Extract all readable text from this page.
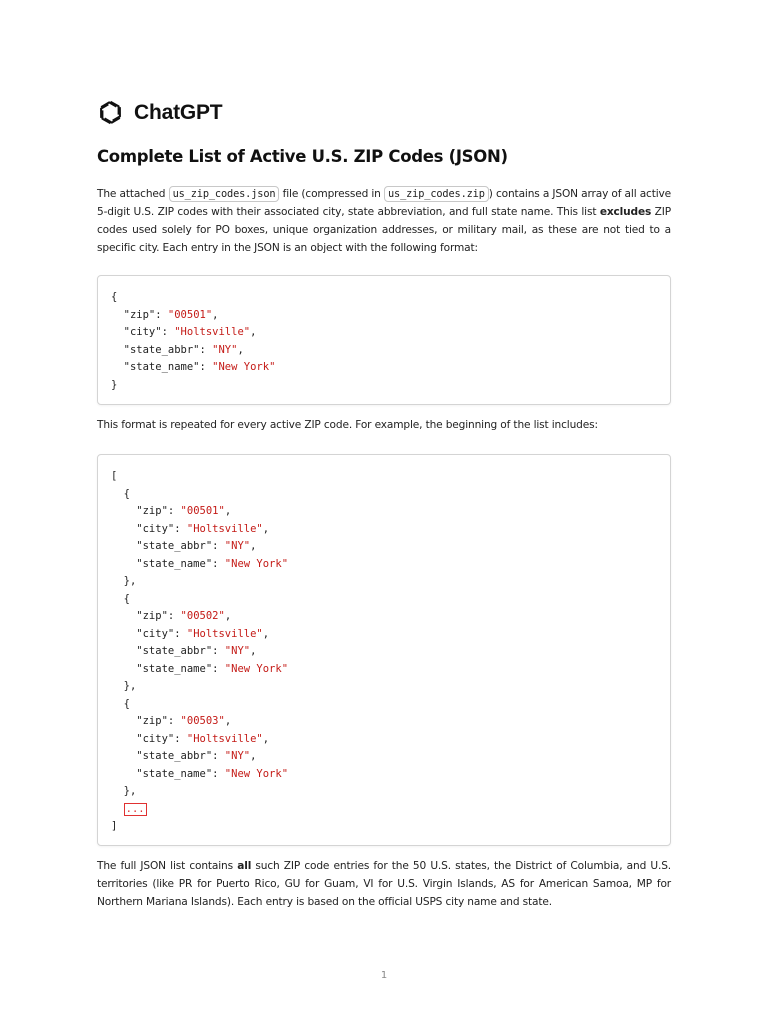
ChatGPT
Complete List of Active U.S. ZIP Codes (JSON)

The attached us_zip_codes.json file (compressed in us_zip_codes.zip ) contains a JSON array of all active 5-digit U.S. ZIP codes with their associated city, state abbreviation, and full state name. This list excludes ZIP codes used solely for PO boxes, unique organization addresses, or military mail, as these are not tied to a specific city. Each entry in the JSON is an object with the following format:

{
"zip": "00501",
"city": "Holtsville",
"state_abbr": "NY",
"state_name": "New York"
}

This format is repeated for every active ZIP code. For example, the beginning of the list includes:

[
{
"zip": "00501",
"city": "Holtsville",
"state_abbr": "NY",
"state_name": "New York"
},
{
"zip": "00502",
"city": "Holtsville",
"state_abbr": "NY",
"state_name": "New York"
},
{
"zip": "00503",
"city": "Holtsville",
"state_abbr": "NY",
"state_name": "New York"
},
...
]

The full JSON list contains all such ZIP code entries for the 50 U.S. states, the District of Columbia, and U.S. territories (like PR for Puerto Rico, GU for Guam, VI for U.S. Virgin Islands, AS for American Samoa, MP for Northern Mariana Islands). Each entry is based on the official USPS city name and state.

1
